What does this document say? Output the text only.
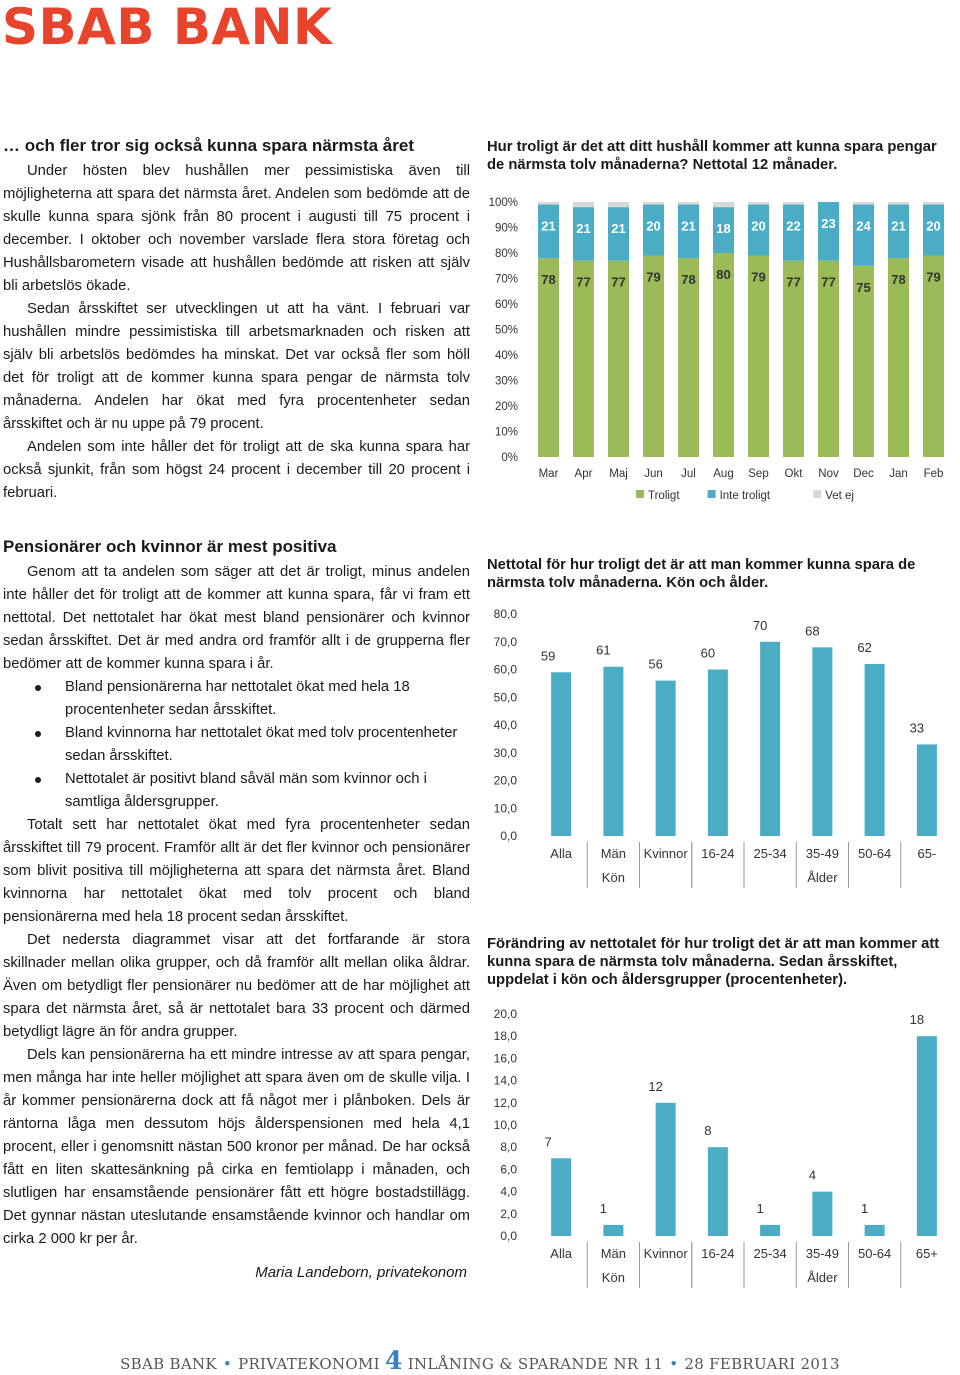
SBAB BANK
… och fler tror sig också kunna spara närmsta året

Under hösten blev hushållen mer pessimistiska även till möjligheterna att spara det närmsta året. Andelen som bedömde att de skulle kunna spara sjönk från 80 procent i augusti till 75 procent i december. I oktober och november varslade flera stora företag och Hushållsbarometern visade att hushållen bedömde att risken att själv bli arbetslös ökade.

Sedan årsskiftet ser utvecklingen ut att ha vänt. I februari var hushållen mindre pessimistiska till arbetsmarknaden och risken att själv bli arbetslös bedömdes ha minskat. Det var också fler som höll det för troligt att de kommer kunna spara pengar de närmsta tolv månaderna. Andelen har ökat med fyra procentenheter sedan årsskiftet och är nu uppe på 79 procent.

Andelen som inte håller det för troligt att de ska kunna spara har också sjunkit, från som högst 24 procent i december till 20 procent i februari.

Pensionärer och kvinnor är mest positiva

Genom att ta andelen som säger att det är troligt, minus andelen inte håller det för troligt att de kommer att kunna spara, får vi fram ett nettotal. Det nettotalet har ökat mest bland pensionärer och kvinnor sedan årsskiftet. Det är med andra ord framför allt i de grupperna fler bedömer att de kommer kunna spara i år.

Bland pensionärerna har nettotalet ökat med hela 18 procentenheter sedan årsskiftet.
Bland kvinnorna har nettotalet ökat med tolv procentenheter sedan årsskiftet.
Nettotalet är positivt bland såväl män som kvinnor och i samtliga åldersgrupper.

Totalt sett har nettotalet ökat med fyra procentenheter sedan årsskiftet till 79 procent. Framför allt är det fler kvinnor och pensionärer som blivit positiva till möjligheterna att spara det närmsta året. Bland kvinnorna har nettotalet ökat med tolv procent och bland pensionärerna med hela 18 procent sedan årsskiftet.

Det nedersta diagrammet visar att det fortfarande är stora skillnader mellan olika grupper, och då framför allt mellan olika åldrar. Även om betydligt fler pensionärer nu bedömer att de har möjlighet att spara det närmsta året, så är nettotalet bara 33 procent och därmed betydligt lägre än för andra grupper.

Dels kan pensionärerna ha ett mindre intresse av att spara pengar, men många har inte heller möjlighet att spara även om de skulle vilja. I år kommer pensionärerna dock att få något mer i plånboken. Dels är räntorna låga men dessutom höjs ålderspensionen med hela 4,1 procent, eller i genomsnitt nästan 500 kronor per månad. De har också fått en liten skattesänkning på cirka en femtiolapp i månaden, och slutligen har ensamstående pensionärer fått ett högre bostadstillägg. Det gynnar nästan uteslutande ensamstående kvinnor och handlar om cirka 2 000 kr per år.

Maria Landeborn, privatekonom
Hur troligt är det att ditt hushåll kommer att kunna spara pengar de närmsta tolv månaderna? Nettotal 12 månader.
0%
10%
20%
30%
40%
50%
60%
70%
80%
90%
100%
78
21
Mar
77
21
Apr
77
21
Maj
79
20
Jun
78
21
Jul
80
18
Aug
79
20
Sep
77
22
Okt
77
23
Nov
75
24
Dec
78
21
Jan
79
20
Feb
Troligt	Inte troligt	Vet ej
Nettotal för hur troligt det är att man kommer kunna spara de närmsta tolv månaderna. Kön och ålder.
0,0
10,0
20,0
30,0
40,0
50,0
60,0
70,0
80,0
59
Alla
61
Män
56
Kvinnor
60
16-24
70
25-34
68
35-49
62
50-64
33
65-
Kön	Ålder
Förändring av nettotalet för hur troligt det är att man kommer att kunna spara de närmsta tolv månaderna. Sedan årsskiftet, uppdelat i kön och åldersgrupper (procentenheter).
0,0
2,0
4,0
6,0
8,0
10,0
12,0
14,0
16,0
18,0
20,0
7
Alla
1
Män
12
Kvinnor
8
16-24
1
25-34
4
35-49
1
50-64
18
65+
Kön	Ålder
SBAB BANK • PRIVATEKONOMI 4 INLÅNING & SPARANDE NR 11 • 28 FEBRUARI 2013
